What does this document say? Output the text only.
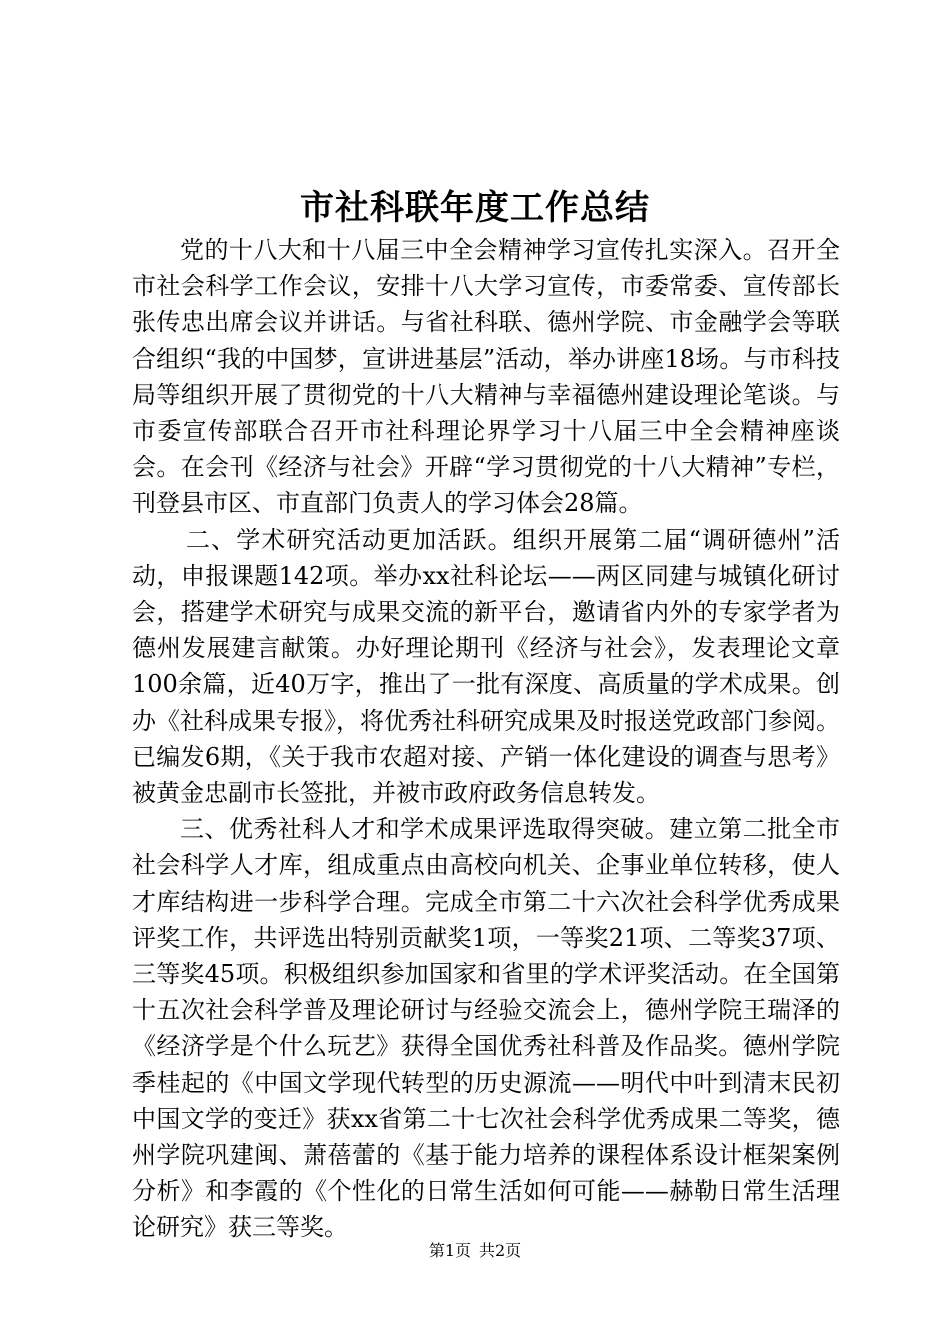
市社科联年度工作总结

党的十八大和十八届三中全会精神学习宣传扎实深入。召开全市社会科学工作会议，安排十八大学习宣传，市委常委、宣传部长张传忠出席会议并讲话。与省社科联、德州学院、市金融学会等联合组织“我的中国梦，宣讲进基层”活动，举办讲座18场。与市科技局等组织开展了贯彻党的十八大精神与幸福德州建设理论笔谈。与市委宣传部联合召开市社科理论界学习十八届三中全会精神座谈会。在会刊《经济与社会》开辟“学习贯彻党的十八大精神”专栏，刊登县市区、市直部门负责人的学习体会28篇。

二、学术研究活动更加活跃。组织开展第二届“调研德州”活动，申报课题142项。举办xx社科论坛——两区同建与城镇化研讨会，搭建学术研究与成果交流的新平台，邀请省内外的专家学者为德州发展建言献策。办好理论期刊《经济与社会》，发表理论文章100余篇，近40万字，推出了一批有深度、高质量的学术成果。创办《社科成果专报》，将优秀社科研究成果及时报送党政部门参阅。已编发6期，《关于我市农超对接、产销一体化建设的调查与思考》被黄金忠副市长签批，并被市政府政务信息转发。

三、优秀社科人才和学术成果评选取得突破。建立第二批全市社会科学人才库，组成重点由高校向机关、企事业单位转移，使人才库结构进一步科学合理。完成全市第二十六次社会科学优秀成果评奖工作，共评选出特别贡献奖1项，一等奖21项、二等奖37项、三等奖45项。积极组织参加国家和省里的学术评奖活动。在全国第十五次社会科学普及理论研讨与经验交流会上，德州学院王瑞泽的《经济学是个什么玩艺》获得全国优秀社科普及作品奖。德州学院季桂起的《中国文学现代转型的历史源流——明代中叶到清末民初中国文学的变迁》获xx省第二十七次社会科学优秀成果二等奖，德州学院巩建闽、萧蓓蕾的《基于能力培养的课程体系设计框架案例分析》和李霞的《个性化的日常生活如何可能——赫勒日常生活理论研究》获三等奖。

第1页 共2页
